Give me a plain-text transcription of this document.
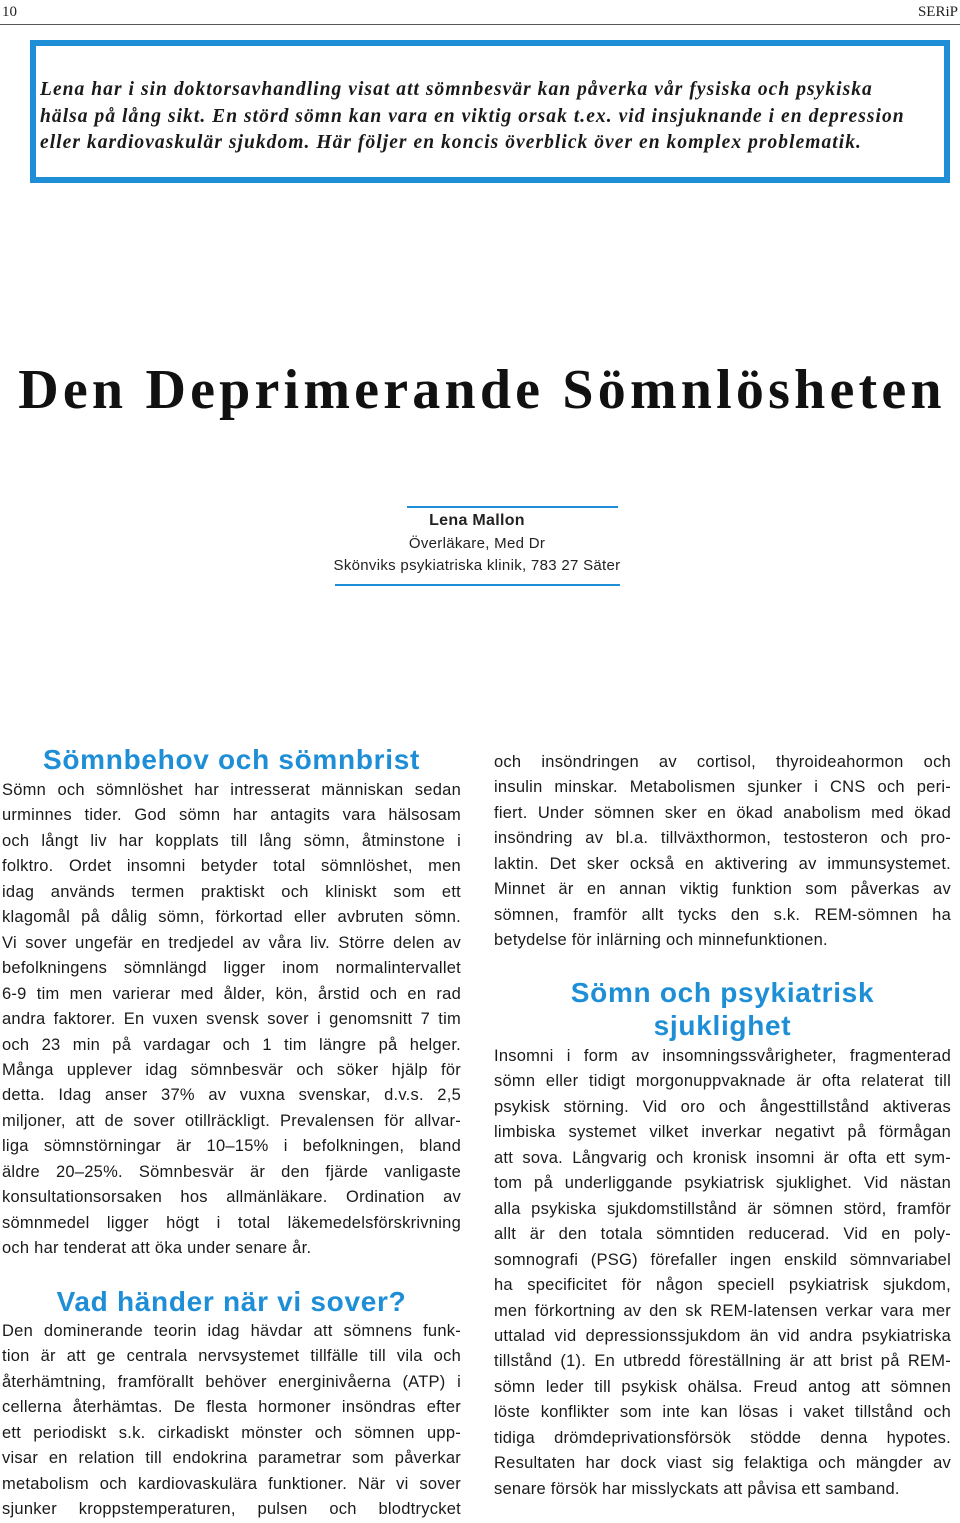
10	SERiP
Lena har i sin doktorsavhandling visat att sömnbesvär kan påverka vår fysiska och psykiska
hälsa på lång sikt. En störd sömn kan vara en viktig orsak t.ex. vid insjuknande i en depression
eller kardiovaskulär sjukdom. Här följer en koncis överblick över en komplex problematik.
Den Deprimerande Sömnlösheten
Lena Mallon
Överläkare, Med Dr
Skönviks psykiatriska klinik, 783 27 Säter
Sömnbehov och sömnbrist
Sömn och sömnlöshet har intresserat människan sedan
urminnes tider. God sömn har antagits vara hälsosam
och långt liv har kopplats till lång sömn, åtminstone i
folktro. Ordet insomni betyder total sömnlöshet, men
idag används termen praktiskt och kliniskt som ett
klagomål på dålig sömn, förkortad eller avbruten sömn.
Vi sover ungefär en tredjedel av våra liv. Större delen av
befolkningens sömnlängd ligger inom normalintervallet
6-9 tim men varierar med ålder, kön, årstid och en rad
andra faktorer. En vuxen svensk sover i genomsnitt 7 tim
och 23 min på vardagar och 1 tim längre på helger.
Många upplever idag sömnbesvär och söker hjälp för
detta. Idag anser 37% av vuxna svenskar, d.v.s. 2,5
miljoner, att de sover otillräckligt. Prevalensen för allvar-
liga sömnstörningar är 10–15% i befolkningen, bland
äldre 20–25%. Sömnbesvär är den fjärde vanligaste
konsultationsorsaken hos allmänläkare. Ordination av
sömnmedel ligger högt i total läkemedelsförskrivning
och har tenderat att öka under senare år.
Vad händer när vi sover?
Den dominerande teorin idag hävdar att sömnens funk-
tion är att ge centrala nervsystemet tillfälle till vila och
återhämtning, framförallt behöver energinivåerna (ATP) i
cellerna återhämtas. De flesta hormoner insöndras efter
ett periodiskt s.k. cirkadiskt mönster och sömnen upp-
visar en relation till endokrina parametrar som påverkar
metabolism och kardiovaskulära funktioner. När vi sover
sjunker kroppstemperaturen, pulsen och blodtrycket
och insöndringen av cortisol, thyroideahormon och
insulin minskar. Metabolismen sjunker i CNS och peri-
fiert. Under sömnen sker en ökad anabolism med ökad
insöndring av bl.a. tillväxthormon, testosteron och pro-
laktin. Det sker också en aktivering av immunsystemet.
Minnet är en annan viktig funktion som påverkas av
sömnen, framför allt tycks den s.k. REM-sömnen ha
betydelse för inlärning och minnefunktionen.
Sömn och psykiatrisk
sjuklighet
Insomni i form av insomningssvårigheter, fragmenterad
sömn eller tidigt morgonuppvaknade är ofta relaterat till
psykisk störning. Vid oro och ångesttillstånd aktiveras
limbiska systemet vilket inverkar negativt på förmågan
att sova. Långvarig och kronisk insomni är ofta ett sym-
tom på underliggande psykiatrisk sjuklighet. Vid nästan
alla psykiska sjukdomstillstånd är sömnen störd, framför
allt är den totala sömntiden reducerad. Vid en poly-
somnografi (PSG) förefaller ingen enskild sömnvariabel
ha specificitet för någon speciell psykiatrisk sjukdom,
men förkortning av den sk REM-latensen verkar vara mer
uttalad vid depressionssjukdom än vid andra psykiatriska
tillstånd (1). En utbredd föreställning är att brist på REM-
sömn leder till psykisk ohälsa. Freud antog att sömnen
löste konflikter som inte kan lösas i vaket tillstånd och
tidiga drömdeprivationsförsök stödde denna hypotes.
Resultaten har dock viast sig felaktiga och mängder av
senare försök har misslyckats att påvisa ett samband.
